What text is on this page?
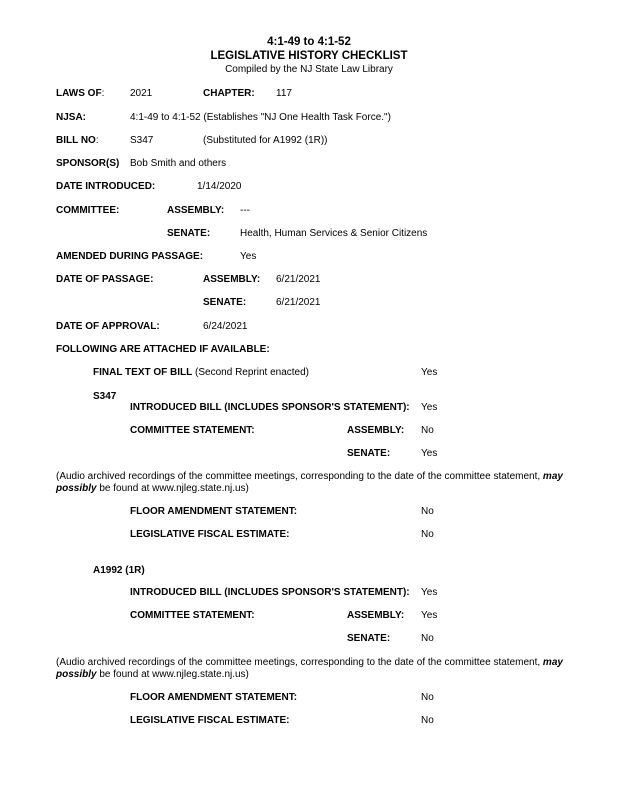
4:1-49 to 4:1-52
LEGISLATIVE HISTORY CHECKLIST
Compiled by the NJ State Law Library
LAWS OF:	2021	CHAPTER: 117
NJSA:	4:1-49 to 4:1-52 (Establishes "NJ One Health Task Force.")
BILL NO:	S347	(Substituted for A1992 (1R))
SPONSOR(S) Bob Smith and others
DATE INTRODUCED:	1/14/2020
COMMITTEE:	ASSEMBLY: ---
SENATE:	Health, Human Services & Senior Citizens
AMENDED DURING PASSAGE:	Yes
DATE OF PASSAGE:	ASSEMBLY: 6/21/2021
SENATE:	6/21/2021
DATE OF APPROVAL:	6/24/2021
FOLLOWING ARE ATTACHED IF AVAILABLE:
FINAL TEXT OF BILL (Second Reprint enacted)	Yes
S347
INTRODUCED BILL (INCLUDES SPONSOR'S STATEMENT): Yes
COMMITTEE STATEMENT:	ASSEMBLY: No
SENATE:	Yes
(Audio archived recordings of the committee meetings, corresponding to the date of the committee statement, may possibly be found at www.njleg.state.nj.us)
FLOOR AMENDMENT STATEMENT:	No
LEGISLATIVE FISCAL ESTIMATE:	No
A1992 (1R)
INTRODUCED BILL (INCLUDES SPONSOR'S STATEMENT): Yes
COMMITTEE STATEMENT:	ASSEMBLY: Yes
SENATE:	No
(Audio archived recordings of the committee meetings, corresponding to the date of the committee statement, may possibly be found at www.njleg.state.nj.us)
FLOOR AMENDMENT STATEMENT:	No
LEGISLATIVE FISCAL ESTIMATE:	No
